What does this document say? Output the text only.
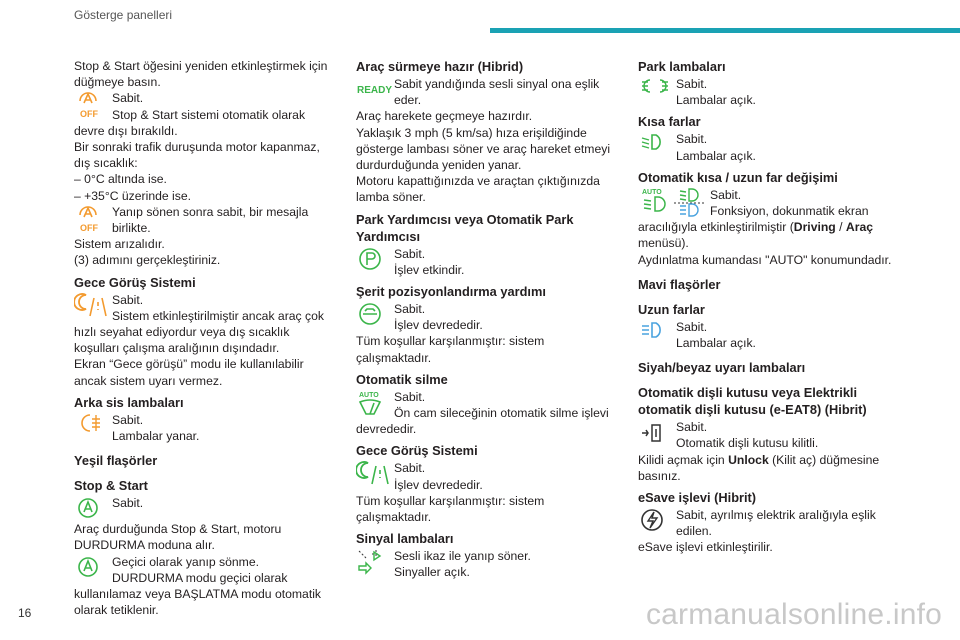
Gösterge panelleri

Stop & Start öğesini yeniden etkinleştirmek için düğmeye basın.

OFF
Sabit.
Stop & Start sistemi otomatik olarak devre dışı bırakıldı.
Bir sonraki trafik duruşunda motor kapanmaz, dış sıcaklık:
– 0°C altında ise.
– +35°C üzerinde ise.
OFF
Yanıp sönen sonra sabit, bir mesajla birlikte.
Sistem arızalıdır.
(3) adımını gerçekleştiriniz.
Gece Görüş Sistemi
Sabit.
Sistem etkinleştirilmiştir ancak araç çok hızlı seyahat ediyordur veya dış sıcaklık koşulları çalışma aralığının dışındadır.
Ekran “Gece görüşü” modu ile kullanılabilir ancak sistem uyarı vermez.
Arka sis lambaları
Sabit.
Lambalar yanar.
Yeşil flaşörler
Stop & Start
Sabit.
Araç durduğunda Stop & Start, motoru DURDURMA moduna alır.
Geçici olarak yanıp sönme.
DURDURMA modu geçici olarak kullanılamaz veya BAŞLATMA modu otomatik olarak tetiklenir.
Araç sürmeye hazır (Hibrid)
READY Sabit yandığında sesli sinyal ona eşlik eder.
Araç harekete geçmeye hazırdır.
Yaklaşık 3 mph (5 km/sa) hıza erişildiğinde gösterge lambası söner ve araç hareket etmeyi durdurduğunda yeniden yanar.
Motoru kapattığınızda ve araçtan çıktığınızda lamba söner.
Park Yardımcısı veya Otomatik Park Yardımcısı
Sabit.
İşlev etkindir.
Şerit pozisyonlandırma yardımı
Sabit.
İşlev devrededir.
Tüm koşullar karşılanmıştır: sistem çalışmaktadır.
Otomatik silme
AUTO	Sabit.
Ön cam sileceğinin otomatik silme işlevi devrededir.
Gece Görüş Sistemi
Sabit.
İşlev devrededir.
Tüm koşullar karşılanmıştır: sistem çalışmaktadır.
Sinyal lambaları
Sesli ikaz ile yanıp söner.
Sinyaller açık.
Park lambaları
Sabit.
Lambalar açık.
Kısa farlar
Sabit.
Lambalar açık.
Otomatik kısa / uzun far değişimi
AUTO	Sabit.
Fonksiyon, dokunmatik ekran aracılığıyla etkinleştirilmiştir (Driving / Araç menüsü).
Aydınlatma kumandası "AUTO" konumundadır.
Mavi flaşörler
Uzun farlar
Sabit.
Lambalar açık.
Siyah/beyaz uyarı lambaları
Otomatik dişli kutusu veya Elektrikli otomatik dişli kutusu (e-EAT8) (Hibrit)
Sabit.
Otomatik dişli kutusu kilitli.
Kilidi açmak için Unlock (Kilit aç) düğmesine basınız.
eSave işlevi (Hibrit)
Sabit, ayrılmış elektrik aralığıyla eşlik edilen.
eSave işlevi etkinleştirilir.
16	carmanualsonline.info
